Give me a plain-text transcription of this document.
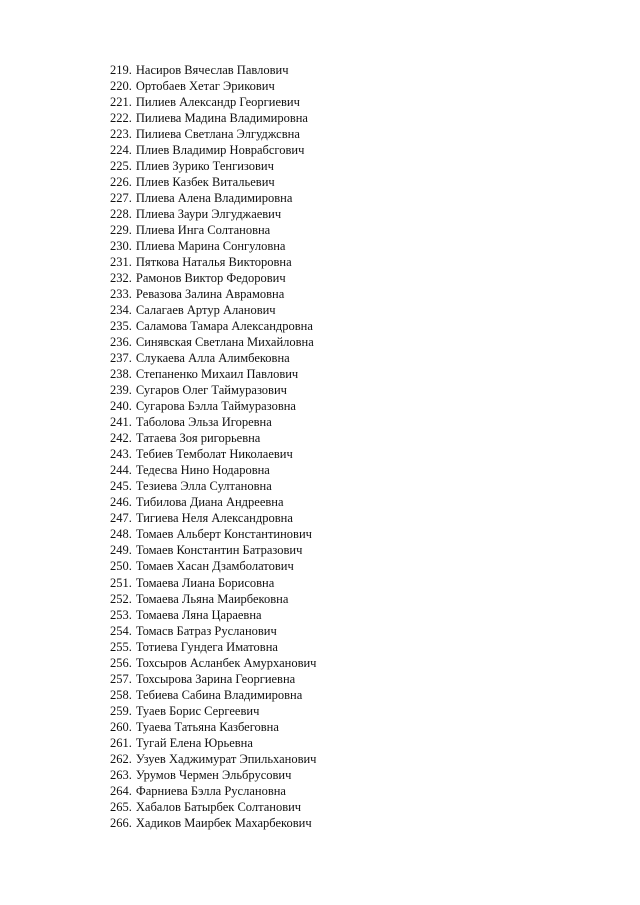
219. Насиров Вячеслав Павлович
220. Ортобаев Хетаг Эрикович
221. Пилиев Александр Георгиевич
222. Пилиева Мадина Владимировна
223. Пилиева Светлана Элгуджсвна
224. Плиев Владимир Новрабсгович
225. Плиев Зурико Тенгизович
226. Плиев Казбек Витальевич
227. Плиева Алена Владимировна
228. Плиева Заури Элгуджаевич
229. Плиева Инга Солтановна
230. Плиева Марина Сонгуловна
231. Пяткова Наталья Викторовна
232. Рамонов Виктор Федорович
233. Ревазова Залина Аврамовна
234. Салагаев Артур Аланович
235. Саламова Тамара Александровна
236. Синявская Светлана Михайловна
237. Слукаева Алла Алимбековна
238. Степаненко Михаил Павлович
239. Сугаров Олег Таймуразович
240. Сугарова Бэлла Таймуразовна
241. Таболова Эльза Игоревна
242. Татаева Зоя ригорьевна
243. Тебиев Темболат Николаевич
244. Тедесва Нино Нодаровна
245. Тезиева Элла Султановна
246. Тибилова Диана Андреевна
247. Тигиева Неля Александровна
248. Томаев Альберт Константинович
249. Томаев Константин Батразович
250. Томаев Хасан Дзамболатович
251. Томаева Лиана Борисовна
252. Томаева Льяна Маирбековна
253. Томаева Ляна Цараевна
254. Томасв Батраз Русланович
255. Тотиева Гундега Иматовна
256. Тохсыров Асланбек Амурханович
257. Тохсырова Зарина Георгиевна
258. Тебиева Сабина Владимировна
259. Туаев Борис Сергеевич
260. Туаева Татьяна Казбеговна
261. Тугай Елена Юрьевна
262. Узуев Хаджимурат Эпильханович
263. Урумов Чермен Эльбрусович
264. Фарниева Бэлла Руслановна
265. Хабалов Батырбек Солтанович
266. Хадиков Маирбек Махарбекович
